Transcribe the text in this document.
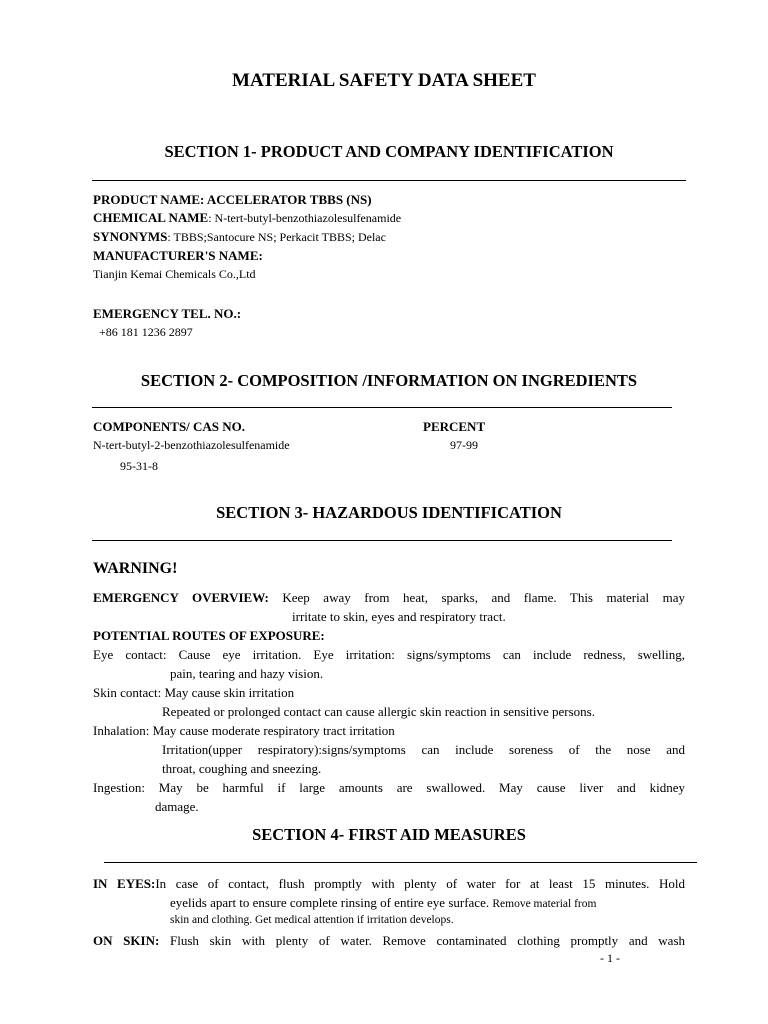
MATERIAL SAFETY DATA SHEET
SECTION 1- PRODUCT AND COMPANY IDENTIFICATION
PRODUCT NAME: ACCELERATOR TBBS (NS)
CHEMICAL NAME: N-tert-butyl-benzothiazolesulfenamide
SYNONYMS: TBBS;Santocure NS; Perkacit TBBS; Delac
MANUFACTURER'S NAME:
Tianjin Kemai Chemicals Co.,Ltd
EMERGENCY TEL. NO.:
+86 181 1236 2897
SECTION 2- COMPOSITION /INFORMATION ON INGREDIENTS
COMPONENTS/ CAS NO.	PERCENT
N-tert-butyl-2-benzothiazolesulfenamide	97-99
95-31-8
SECTION 3- HAZARDOUS IDENTIFICATION
WARNING!
EMERGENCY OVERVIEW: Keep away from heat, sparks, and flame. This material may
irritate to skin, eyes and respiratory tract.
POTENTIAL ROUTES OF EXPOSURE:
Eye contact: Cause eye irritation. Eye irritation: signs/symptoms can include redness, swelling,
pain, tearing and hazy vision.
Skin contact: May cause skin irritation
Repeated or prolonged contact can cause allergic skin reaction in sensitive persons.
Inhalation: May cause moderate respiratory tract irritation
Irritation(upper respiratory):signs/symptoms can include soreness of the nose and
throat, coughing and sneezing.
Ingestion: May be harmful if large amounts are swallowed. May cause liver and kidney
damage.
SECTION 4- FIRST AID MEASURES
IN EYES:In case of contact, flush promptly with plenty of water for at least 15 minutes. Hold
eyelids apart to ensure complete rinsing of entire eye surface. Remove material from
skin and clothing. Get medical attention if irritation develops.
ON SKIN: Flush skin with plenty of water. Remove contaminated clothing promptly and wash
- 1 -
